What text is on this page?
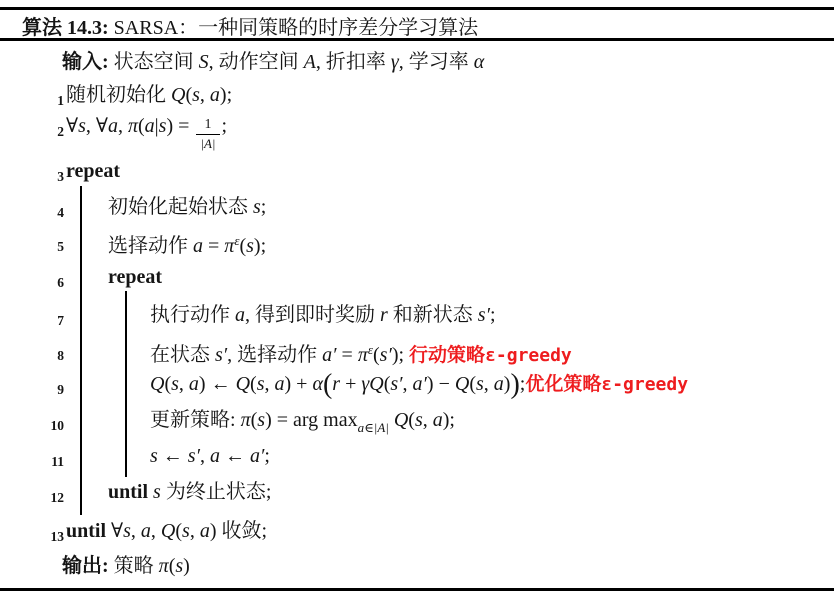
算法 14.3: SARSA：一种同策略的时序差分学习算法
输入: 状态空间 S, 动作空间 A, 折扣率 γ, 学习率 α
1 随机初始化 Q(s, a);
2 ∀s, ∀a, $\pi(a|s) = \frac{1}{|A|}$ ;
3 repeat
4 初始化起始状态 s;
5 选择动作 $a = \pi^\varepsilon(s)$;
6 repeat
7	执行动作 a, 得到即时奖励 r 和新状态 s′;
8	在状态 s′, 选择动作 $a' = \pi^\varepsilon(s')$; 行动策略ε-greedy
9	Q(s, a) ← Q(s, a) + α(r + γQ(s′, a′) − Q(s, a));优化策略ε-greedy
10	更新策略: π(s) = arg $\max_{a\in|A|} Q(s$, a);
11	s ← s′, a ← a′;
12 until s 为终止状态;
13 until ∀s, a, Q(s, a) 收敛;
输出: 策略 π(s)
